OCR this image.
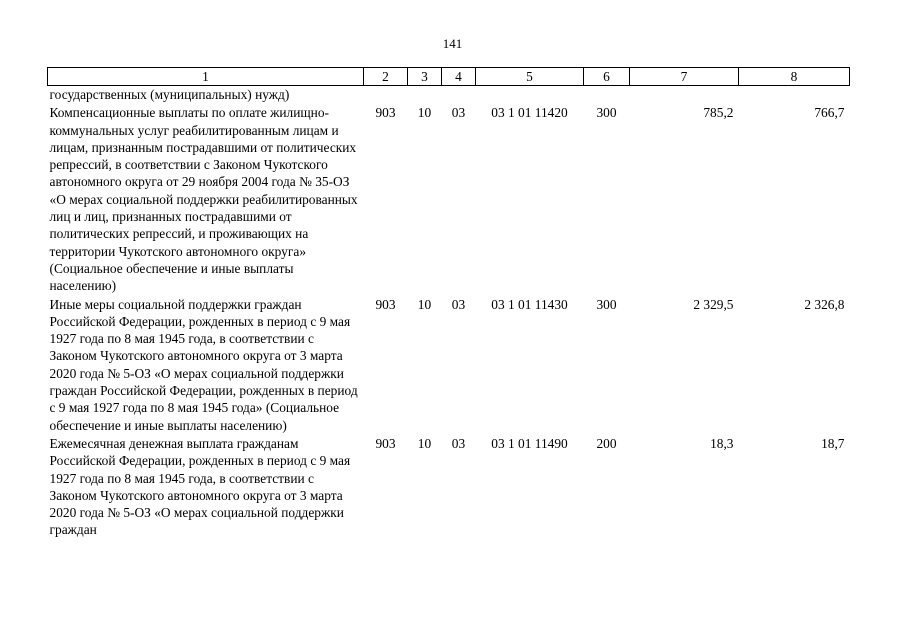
141
1	2	3	4	5	6	7	8
государственных (муниципальных) нужд)							
Компенсационные выплаты по оплате жилищно-коммунальных услуг реабилитированным лицам и лицам, признанным пострадавшими от политических репрессий, в соответствии с Законом Чукотского автономного округа от 29 ноября 2004 года № 35-ОЗ «О мерах социальной поддержки реабилитированных лиц и лиц, признанных пострадавшими от политических репрессий, и проживающих на территории Чукотского автономного округа» (Социальное обеспечение и иные выплаты населению)	903	10	03	03 1 01 11420	300	785,2	766,7
Иные меры социальной поддержки граждан Российской Федерации, рожденных в период с 9 мая 1927 года по 8 мая 1945 года, в соответствии с Законом Чукотского автономного округа от 3 марта 2020 года № 5-ОЗ «О мерах социальной поддержки граждан Российской Федерации, рожденных в период с 9 мая 1927 года по 8 мая 1945 года» (Социальное обеспечение и иные выплаты населению)	903	10	03	03 1 01 11430	300	2 329,5	2 326,8
Ежемесячная денежная выплата гражданам Российской Федерации, рожденных в период с 9 мая 1927 года по 8 мая 1945 года, в соответствии с Законом Чукотского автономного округа от 3 марта 2020 года № 5-ОЗ «О мерах социальной поддержки граждан	903	10	03	03 1 01 11490	200	18,3	18,7
